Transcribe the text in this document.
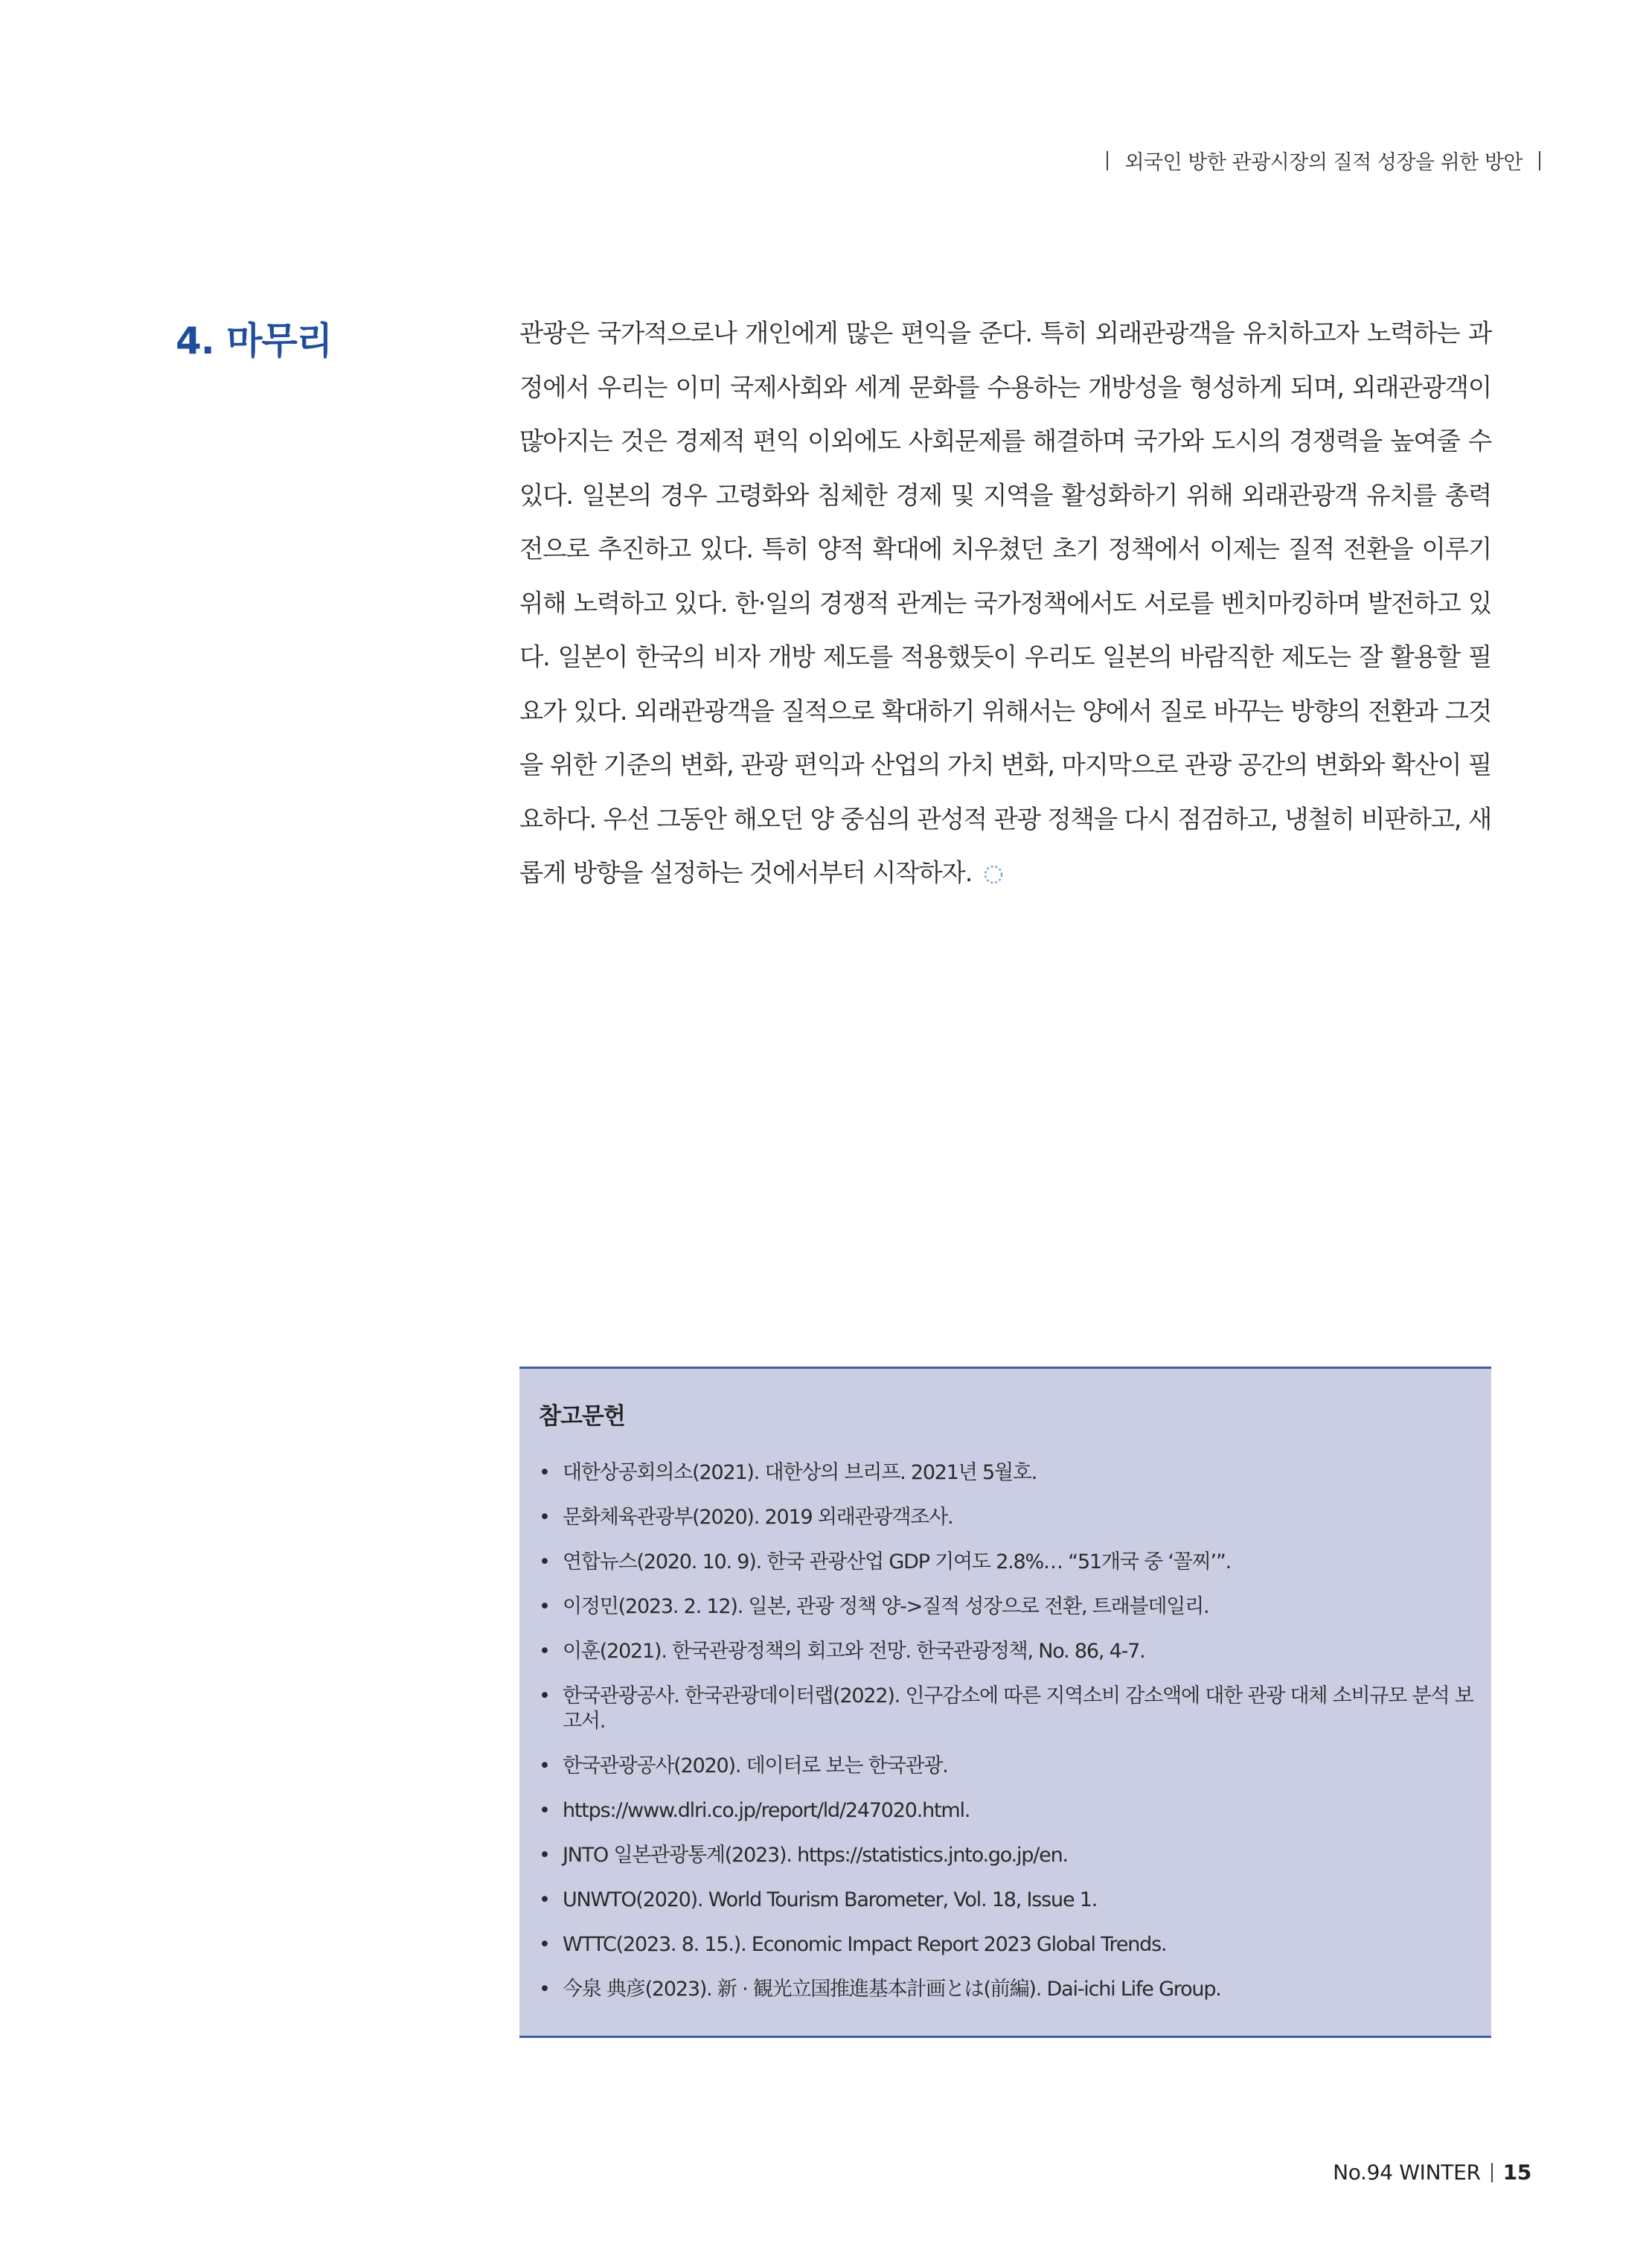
외국인 방한 관광시장의 질적 성장을 위한 방안
4. 마무리	관광은 국가적으로나 개인에게 많은 편익을 준다. 특히 외래관광객을 유치하고자 노력하는 과정에서 우리는 이미 국제사회와 세계 문화를 수용하는 개방성을 형성하게 되며, 외래관광객이 많아지는 것은 경제적 편익 이외에도 사회문제를 해결하며 국가와 도시의 경쟁력을 높여줄 수 있다. 일본의 경우 고령화와 침체한 경제 및 지역을 활성화하기 위해 외래관광객 유치를 총력전으로 추진하고 있다. 특히 양적 확대에 치우쳤던 초기 정책에서 이제는 질적 전환을 이루기 위해 노력하고 있다. 한·일의 경쟁적 관계는 국가정책에서도 서로를 벤치마킹하며 발전하고 있다. 일본이 한국의 비자 개방 제도를 적용했듯이 우리도 일본의 바람직한 제도는 잘 활용할 필요가 있다. 외래관광객을 질적으로 확대하기 위해서는 양에서 질로 바꾸는 방향의 전환과 그것을 위한 기준의 변화, 관광 편익과 산업의 가치 변화, 마지막으로 관광 공간의 변화와 확산이 필요하다. 우선 그동안 해오던 양 중심의 관성적 관광 정책을 다시 점검하고, 냉철히 비판하고, 새롭게 방향을 설정하는 것에서부터 시작하자.

참고문헌
• 대한상공회의소(2021). 대한상의 브리프. 2021년 5월호.
• 문화체육관광부(2020). 2019 외래관광객조사.
• 연합뉴스(2020. 10. 9). 한국 관광산업 GDP 기여도 2.8%… “51개국 중 ‘꼴찌’”.
• 이정민(2023. 2. 12). 일본, 관광 정책 양->질적 성장으로 전환, 트래블데일리.
• 이훈(2021). 한국관광정책의 회고와 전망. 한국관광정책, No. 86, 4-7.
• 한국관광공사. 한국관광데이터랩(2022). 인구감소에 따른 지역소비 감소액에 대한 관광 대체 소비규모 분석 보고서.
• 한국관광공사(2020). 데이터로 보는 한국관광.
• https://www.dlri.co.jp/report/ld/247020.html.
• JNTO 일본관광통계(2023). https://statistics.jnto.go.jp/en.
• UNWTO(2020). World Tourism Barometer, Vol. 18, Issue 1.
• WTTC(2023. 8. 15.). Economic Impact Report 2023 Global Trends.
• 今泉 典彦(2023). 新 · 観光立国推進基本計画とは(前編). Dai-ichi Life Group.
No.94 WINTER 15
